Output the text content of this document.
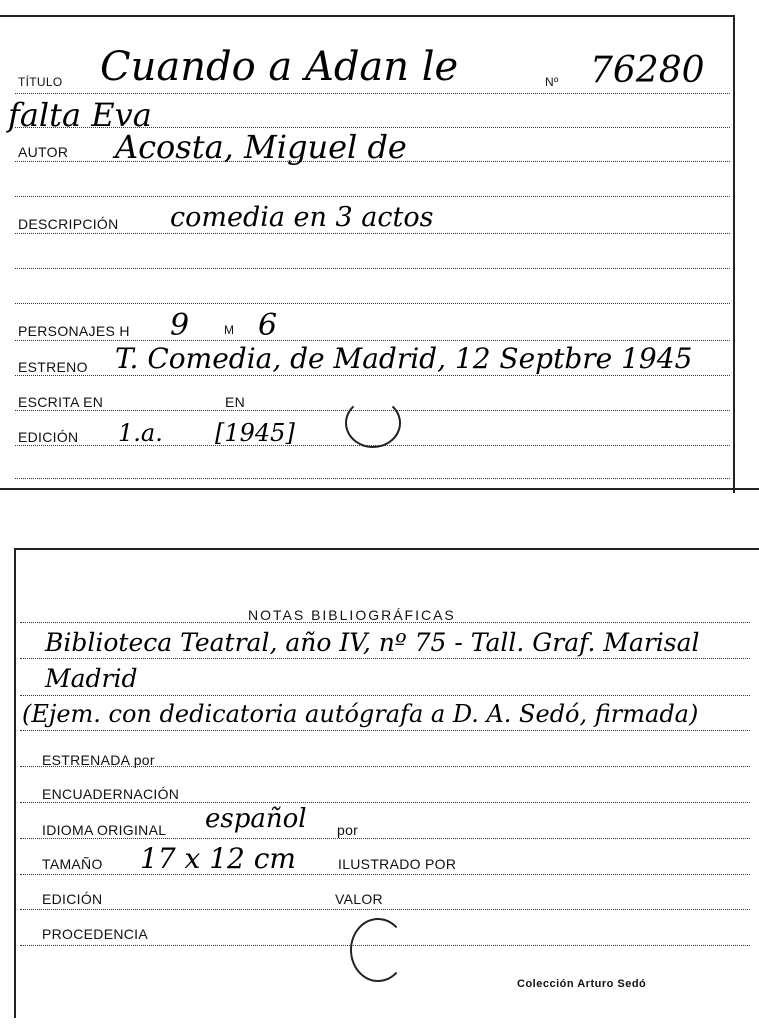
TÍTULO Cuando a Adan le	Nº 76280
falta Eva
AUTOR Acosta, Miguel de
DESCRIPCIÓN comedia en 3 actos
PERSONAJES H 9	M 6
ESTRENO T. Comedia, de Madrid, 12 Septbre 1945
ESCRITA EN	EN
EDICIÓN 1.a. [1945]
NOTAS BIBLIOGRÁFICAS
Biblioteca Teatral, año IV, nº 75 - Tall. Graf. Marisal
Madrid
(Ejem. con dedicatoria autógrafa a D. A. Sedó, firmada)
ESTRENADA por
ENCUADERNACIÓN
IDIOMA ORIGINAL español por
TAMAÑO 17 x 12 cm	ILUSTRADO POR
EDICIÓN	VALOR
PROCEDENCIA
Colección Arturo Sedó
